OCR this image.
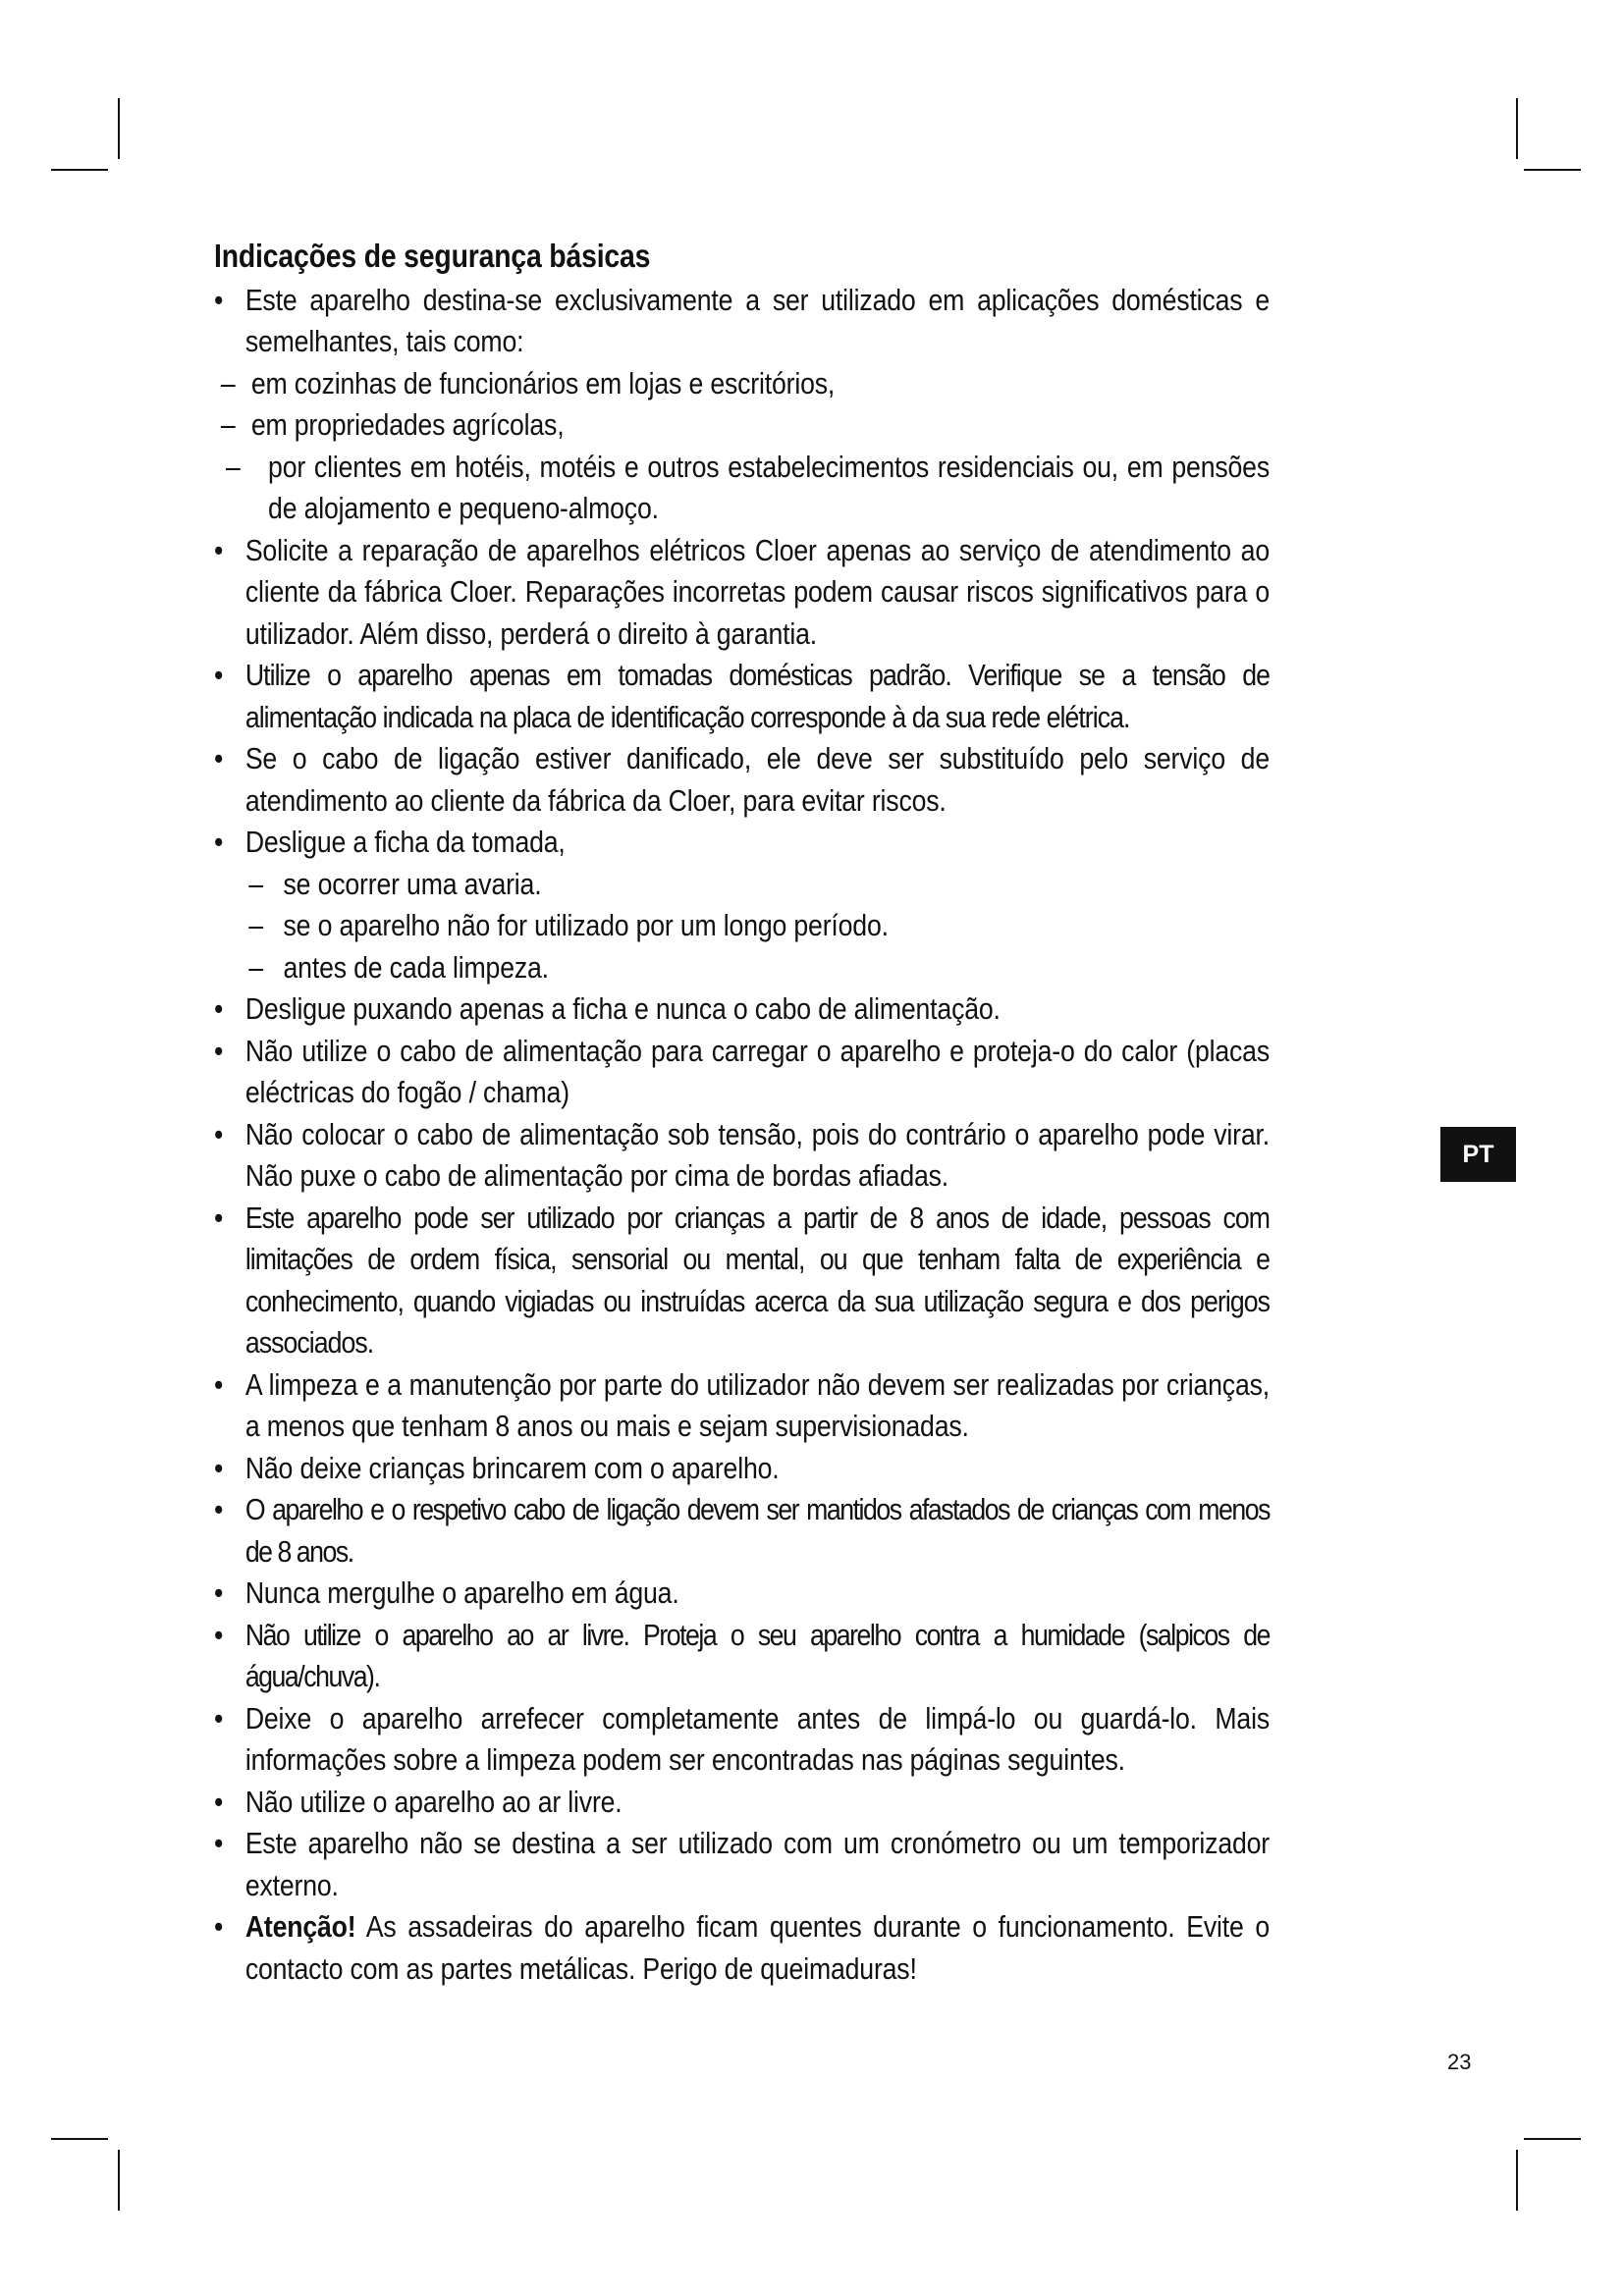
Indicações de segurança básicas
• Este aparelho destina-se exclusivamente a ser utilizado em aplicações domésticas e semelhantes, tais como:
– em cozinhas de funcionários em lojas e escritórios,
– em propriedades agrícolas,
– por clientes em hotéis, motéis e outros estabelecimentos residenciais ou, em pensões de alojamento e pequeno-almoço.
• Solicite a reparação de aparelhos elétricos Cloer apenas ao serviço de atendimento ao cliente da fábrica Cloer. Reparações incorretas podem causar riscos significativos para o utilizador. Além disso, perderá o direito à garantia.
• Utilize o aparelho apenas em tomadas domésticas padrão. Verifique se a tensão de alimentação indicada na placa de identificação corresponde à da sua rede elétrica.
• Se o cabo de ligação estiver danificado, ele deve ser substituído pelo serviço de atendimento ao cliente da fábrica da Cloer, para evitar riscos.
• Desligue a ficha da tomada,
– se ocorrer uma avaria.
– se o aparelho não for utilizado por um longo período.
– antes de cada limpeza.
• Desligue puxando apenas a ficha e nunca o cabo de alimentação.
• Não utilize o cabo de alimentação para carregar o aparelho e proteja-o do calor (placas eléctricas do fogão / chama)
• Não colocar o cabo de alimentação sob tensão, pois do contrário o aparelho pode virar. Não puxe o cabo de alimentação por cima de bordas afiadas.
• Este aparelho pode ser utilizado por crianças a partir de 8 anos de idade, pessoas com limitações de ordem física, sensorial ou mental, ou que tenham falta de experiência e conhecimento, quando vigiadas ou instruídas acerca da sua utilização segura e dos perigos associados.
• A limpeza e a manutenção por parte do utilizador não devem ser realizadas por crianças, a menos que tenham 8 anos ou mais e sejam supervisionadas.
• Não deixe crianças brincarem com o aparelho.
• O aparelho e o respetivo cabo de ligação devem ser mantidos afastados de crianças com menos de 8 anos.
• Nunca mergulhe o aparelho em água.
• Não utilize o aparelho ao ar livre. Proteja o seu aparelho contra a humidade (salpicos de água/chuva).
• Deixe o aparelho arrefecer completamente antes de limpá-lo ou guardá-lo. Mais informações sobre a limpeza podem ser encontradas nas páginas seguintes.
• Não utilize o aparelho ao ar livre.
• Este aparelho não se destina a ser utilizado com um cronómetro ou um temporizador externo.
• Atenção! As assadeiras do aparelho ficam quentes durante o funcionamento. Evite o contacto com as partes metálicas. Perigo de queimaduras!
PT
23
